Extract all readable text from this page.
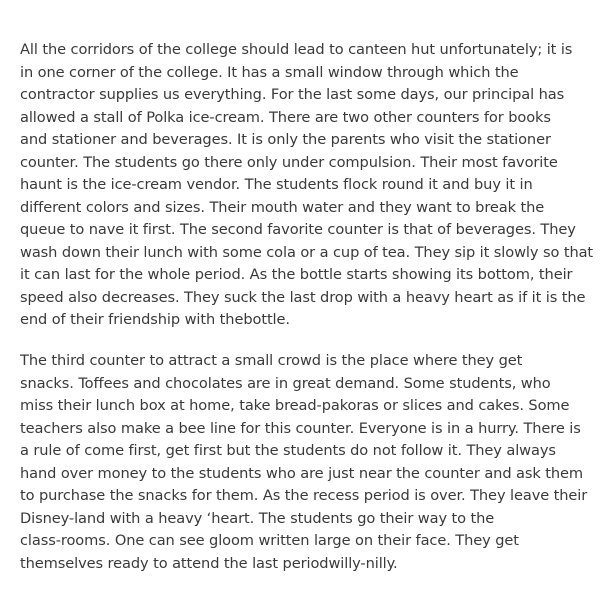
All the corridors of the college should lead to canteen hut unfortunately; it is
in one corner of the college. It has a small window through which the
contractor supplies us everything. For the last some days, our principal has
allowed a stall of Polka ice-cream. There are two other counters for books
and stationer and beverages. It is only the parents who visit the stationer
counter. The students go there only under compulsion. Their most favorite
haunt is the ice-cream vendor. The students flock round it and buy it in
different colors and sizes. Their mouth water and they want to break the
queue to nave it first. The second favorite counter is that of beverages. They
wash down their lunch with some cola or a cup of tea. They sip it slowly so that
it can last for the whole period. As the bottle starts showing its bottom, their
speed also decreases. They suck the last drop with a heavy heart as if it is the
end of their friendship with thebottle.

The third counter to attract a small crowd is the place where they get
snacks. Toffees and chocolates are in great demand. Some students, who
miss their lunch box at home, take bread-pakoras or slices and cakes. Some
teachers also make a bee line for this counter. Everyone is in a hurry. There is
a rule of come first, get first but the students do not follow it. They always
hand over money to the students who are just near the counter and ask them
to purchase the snacks for them. As the recess period is over. They leave their
Disney-land with a heavy ‘heart. The students go their way to the
class-rooms. One can see gloom written large on their face. They get
themselves ready to attend the last periodwilly-nilly.
